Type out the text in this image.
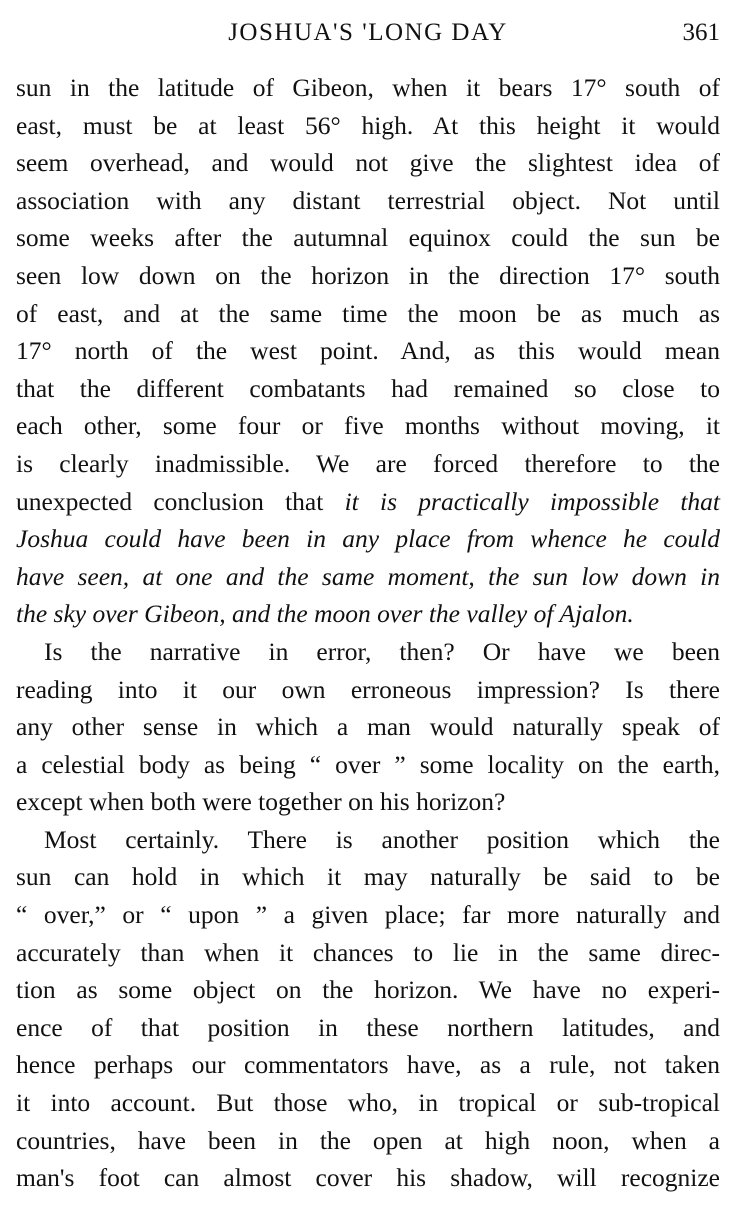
JOSHUA'S 'LONG DAY	361
sun in the latitude of Gibeon, when it bears 17° south of
east, must be at least 56° high. At this height it would
seem overhead, and would not give the slightest idea of
association with any distant terrestrial object. Not until
some weeks after the autumnal equinox could the sun be
seen low down on the horizon in the direction 17° south
of east, and at the same time the moon be as much as
17° north of the west point. And, as this would mean
that the different combatants had remained so close to
each other, some four or five months without moving, it
is clearly inadmissible. We are forced therefore to the
unexpected conclusion that it is practically impossible that
Joshua could have been in any place from whence he could
have seen, at one and the same moment, the sun low down in
the sky over Gibeon, and the moon over the valley of Ajalon.
Is the narrative in error, then? Or have we been
reading into it our own erroneous impression? Is there
any other sense in which a man would naturally speak of
a celestial body as being “ over ” some locality on the earth,
except when both were together on his horizon?
Most certainly. There is another position which the
sun can hold in which it may naturally be said to be
“ over,” or “ upon ” a given place; far more naturally and
accurately than when it chances to lie in the same direc-
tion as some object on the horizon. We have no experi-
ence of that position in these northern latitudes, and
hence perhaps our commentators have, as a rule, not taken
it into account. But those who, in tropical or sub-tropical
countries, have been in the open at high noon, when a
man's foot can almost cover his shadow, will recognize
